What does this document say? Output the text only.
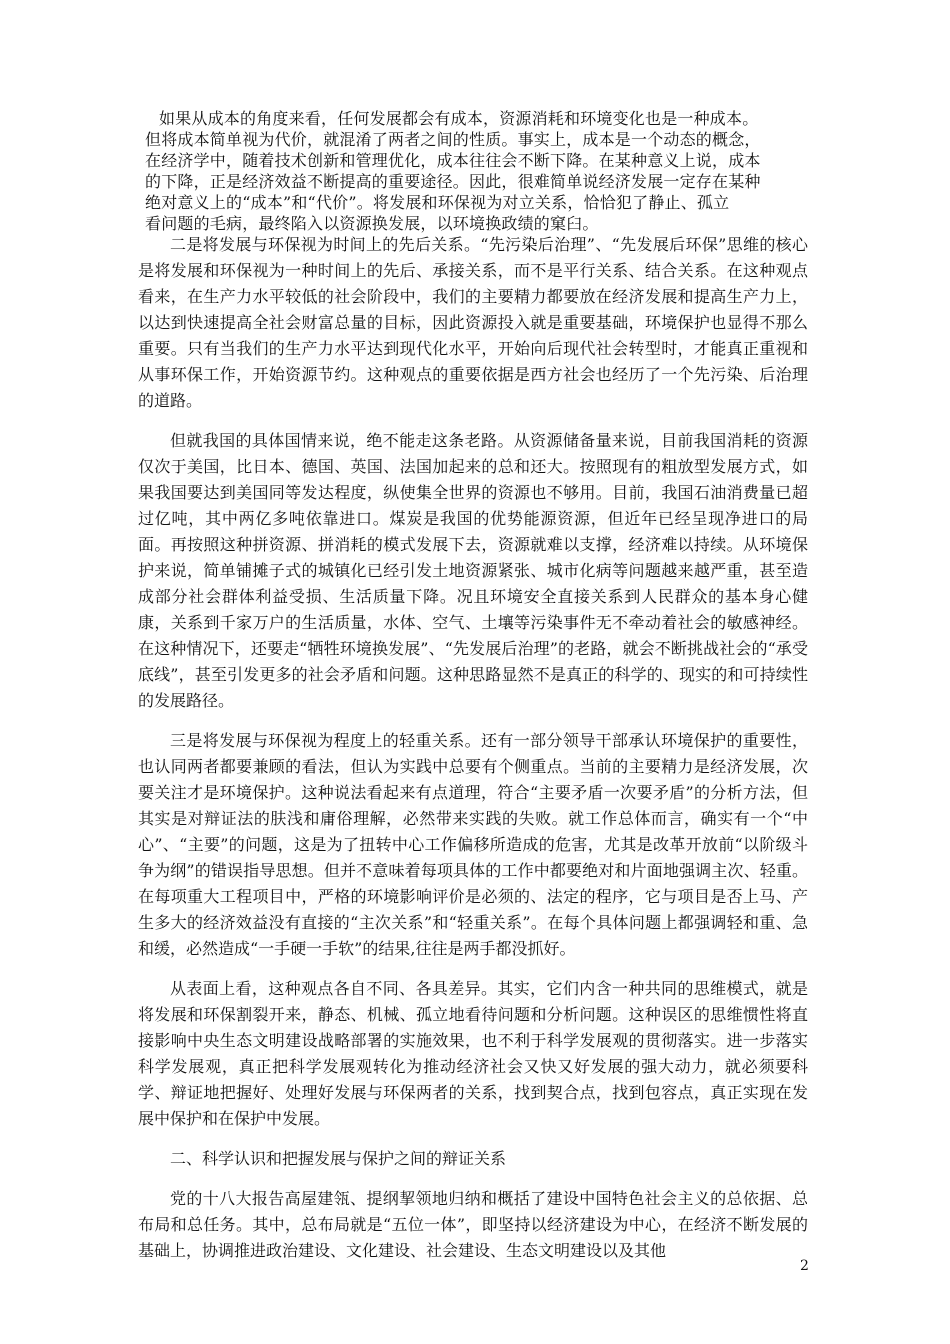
如果从成本的角度来看，任何发展都会有成本，资源消耗和环境变化也是一种成本。
但将成本简单视为代价，就混淆了两者之间的性质。事实上，成本是一个动态的概念，
在经济学中，随着技术创新和管理优化，成本往往会不断下降。在某种意义上说，成本
的下降，正是经济效益不断提高的重要途径。因此，很难简单说经济发展一定存在某种
绝对意义上的“成本”和“代价”。将发展和环保视为对立关系，恰恰犯了静止、孤立
看问题的毛病，最终陷入以资源换发展，以环境换政绩的窠臼。

二是将发展与环保视为时间上的先后关系。“先污染后治理”、“先发展后环保”思维的核心是将发展和环保视为一种时间上的先后、承接关系，而不是平行关系、结合关系。在这种观点看来，在生产力水平较低的社会阶段中，我们的主要精力都要放在经济发展和提高生产力上，以达到快速提高全社会财富总量的目标，因此资源投入就是重要基础，环境保护也显得不那么重要。只有当我们的生产力水平达到现代化水平，开始向后现代社会转型时，才能真正重视和从事环保工作，开始资源节约。这种观点的重要依据是西方社会也经历了一个先污染、后治理的道路。

但就我国的具体国情来说，绝不能走这条老路。从资源储备量来说，目前我国消耗的资源仅次于美国，比日本、德国、英国、法国加起来的总和还大。按照现有的粗放型发展方式，如果我国要达到美国同等发达程度，纵使集全世界的资源也不够用。目前，我国石油消费量已超过亿吨，其中两亿多吨依靠进口。煤炭是我国的优势能源资源，但近年已经呈现净进口的局面。再按照这种拼资源、拼消耗的模式发展下去，资源就难以支撑，经济难以持续。从环境保护来说，简单铺摊子式的城镇化已经引发土地资源紧张、城市化病等问题越来越严重，甚至造成部分社会群体利益受损、生活质量下降。况且环境安全直接关系到人民群众的基本身心健康，关系到千家万户的生活质量，水体、空气、土壤等污染事件无不牵动着社会的敏感神经。在这种情况下，还要走“牺牲环境换发展”、“先发展后治理”的老路，就会不断挑战社会的“承受底线”，甚至引发更多的社会矛盾和问题。这种思路显然不是真正的科学的、现实的和可持续性的发展路径。

三是将发展与环保视为程度上的轻重关系。还有一部分领导干部承认环境保护的重要性，也认同两者都要兼顾的看法，但认为实践中总要有个侧重点。当前的主要精力是经济发展，次要关注才是环境保护。这种说法看起来有点道理，符合“主要矛盾一次要矛盾”的分析方法，但其实是对辩证法的肤浅和庸俗理解，必然带来实践的失败。就工作总体而言，确实有一个“中心”、“主要”的问题，这是为了扭转中心工作偏移所造成的危害，尤其是改革开放前“以阶级斗争为纲”的错误指导思想。但并不意味着每项具体的工作中都要绝对和片面地强调主次、轻重。在每项重大工程项目中，严格的环境影响评价是必须的、法定的程序，它与项目是否上马、产生多大的经济效益没有直接的“主次关系”和“轻重关系”。在每个具体问题上都强调轻和重、急和缓，必然造成“一手硬一手软”的结果,往往是两手都没抓好。

从表面上看，这种观点各自不同、各具差异。其实，它们内含一种共同的思维模式，就是将发展和环保割裂开来，静态、机械、孤立地看待问题和分析问题。这种误区的思维惯性将直接影响中央生态文明建设战略部署的实施效果，也不利于科学发展观的贯彻落实。进一步落实科学发展观，真正把科学发展观转化为推动经济社会又快又好发展的强大动力，就必须要科学、辩证地把握好、处理好发展与环保两者的关系，找到契合点，找到包容点，真正实现在发展中保护和在保护中发展。

二、科学认识和把握发展与保护之间的辩证关系

党的十八大报告高屋建瓴、提纲挈领地归纳和概括了建设中国特色社会主义的总依据、总布局和总任务。其中，总布局就是“五位一体”，即坚持以经济建设为中心，在经济不断发展的基础上，协调推进政治建设、文化建设、社会建设、生态文明建设以及其他

2
